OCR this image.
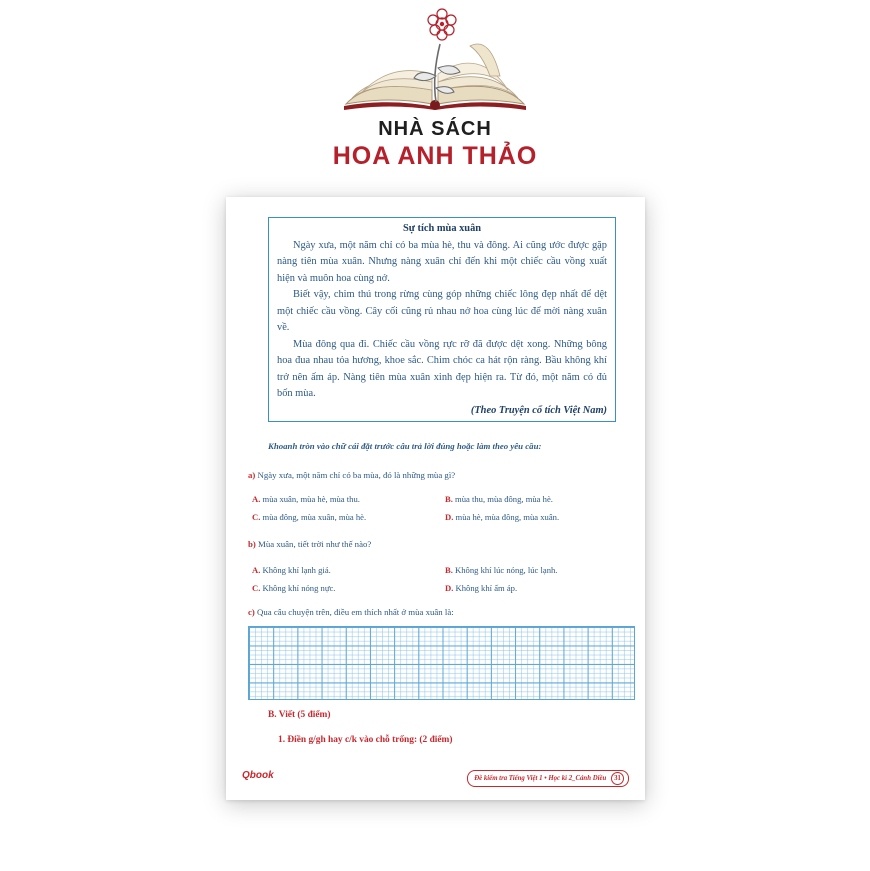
NHÀ SÁCH
HOA ANH THẢO
Sự tích mùa xuân

Ngày xưa, một năm chỉ có ba mùa hè, thu và đông. Ai cũng ước được gặp nàng tiên mùa xuân. Nhưng nàng xuân chỉ đến khi một chiếc cầu vồng xuất hiện và muôn hoa cùng nở.

Biết vậy, chim thú trong rừng cùng góp những chiếc lông đẹp nhất để dệt một chiếc cầu vồng. Cây cối cũng rủ nhau nở hoa cùng lúc để mời nàng xuân về.

Mùa đông qua đi. Chiếc cầu vồng rực rỡ đã được dệt xong. Những bông hoa đua nhau tỏa hương, khoe sắc. Chim chóc ca hát rộn ràng. Bầu không khí trở nên ấm áp. Nàng tiên mùa xuân xinh đẹp hiện ra. Từ đó, một năm có đủ bốn mùa.

(Theo Truyện cổ tích Việt Nam)
Khoanh tròn vào chữ cái đặt trước câu trả lời đúng hoặc làm theo yêu cầu:
a) Ngày xưa, một năm chỉ có ba mùa, đó là những mùa gì?
A. mùa xuân, mùa hè, mùa thu.	B. mùa thu, mùa đông, mùa hè.
C. mùa đông, mùa xuân, mùa hè.	D. mùa hè, mùa đông, mùa xuân.
b) Mùa xuân, tiết trời như thế nào?
A. Không khí lạnh giá.	B. Không khí lúc nóng, lúc lạnh.
C. Không khí nóng nực.	D. Không khí ấm áp.
c) Qua câu chuyện trên, điều em thích nhất ở mùa xuân là:
B. Viết (5 điểm)
1. Điền g/gh hay c/k vào chỗ trống: (2 điểm)
Qbook	Đề kiểm tra Tiếng Việt 1 • Học kì 2_Cánh Diều 31
